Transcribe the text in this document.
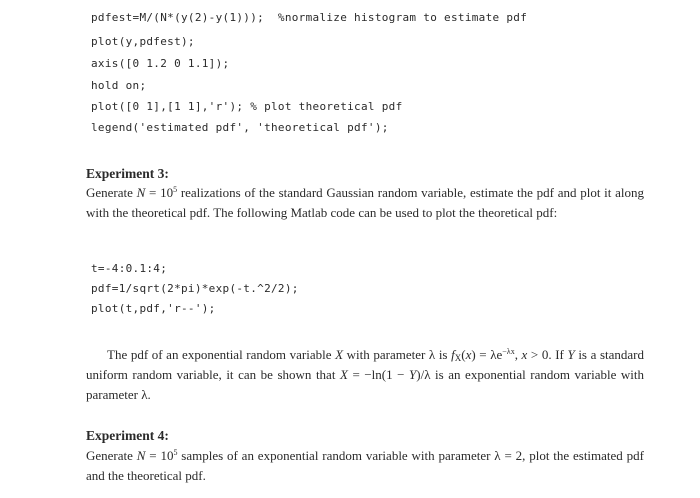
pdfest=M/(N*(y(2)-y(1)));  %normalize histogram to estimate pdf
plot(y,pdfest);
axis([0 1.2 0 1.1]);
hold on;
plot([0 1],[1 1],'r'); % plot theoretical pdf
legend('estimated pdf', 'theoretical pdf');
Experiment 3:
Generate $N = 10^5$ realizations of the standard Gaussian random variable, estimate the pdf and plot it along with the theoretical pdf. The following Matlab code can be used to plot the theoretical pdf:
t=-4:0.1:4;
pdf=1/sqrt(2*pi)*exp(-t.^2/2);
plot(t,pdf,'r--');
The pdf of an exponential random variable X with parameter λ is $f_X(x) = \lambda e^{-\lambda x}$, x > 0. If Y is a standard uniform random variable, it can be shown that X = −ln(1 − Y)/λ is an exponential random variable with parameter λ.
Experiment 4:
Generate $N = 10^5$ samples of an exponential random variable with parameter λ = 2, plot the estimated pdf and the theoretical pdf.
